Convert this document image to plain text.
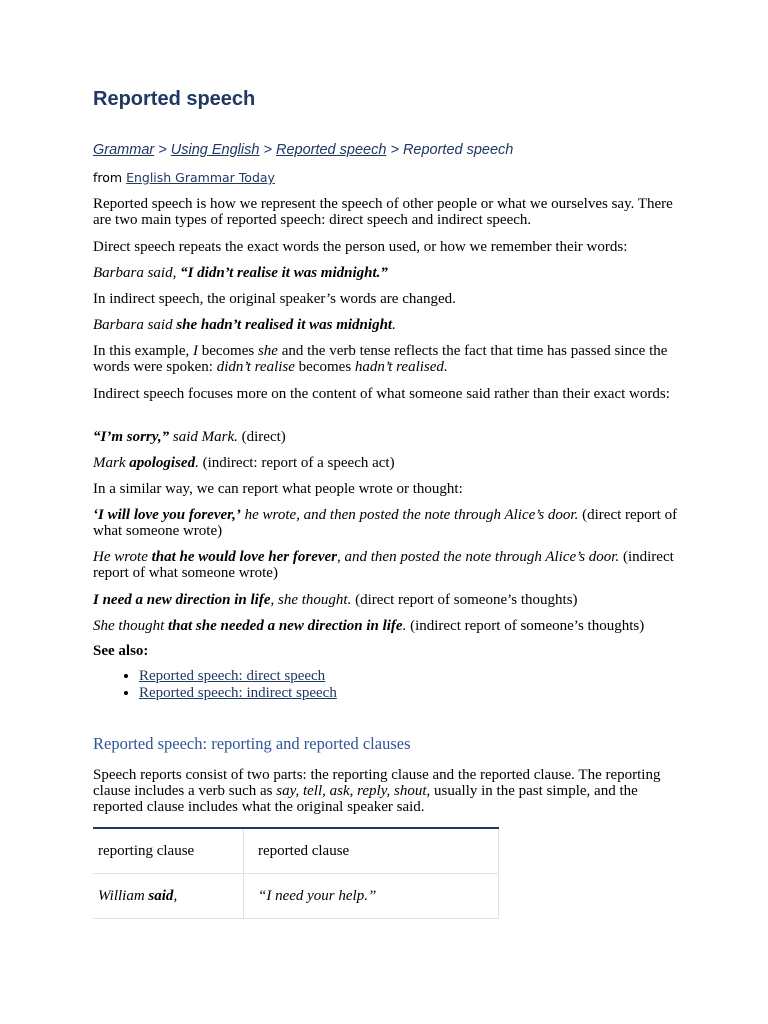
Reported speech
Grammar > Using English > Reported speech > Reported speech
from English Grammar Today

Reported speech is how we represent the speech of other people or what we ourselves say. There are two main types of reported speech: direct speech and indirect speech.

Direct speech repeats the exact words the person used, or how we remember their words:

Barbara said, “I didn’t realise it was midnight.”

In indirect speech, the original speaker’s words are changed.

Barbara said she hadn’t realised it was midnight.

In this example, I becomes she and the verb tense reflects the fact that time has passed since the words were spoken: didn’t realise becomes hadn’t realised.

Indirect speech focuses more on the content of what someone said rather than their exact words:

“I’m sorry,” said Mark. (direct)

Mark apologised. (indirect: report of a speech act)

In a similar way, we can report what people wrote or thought:

‘I will love you forever,’ he wrote, and then posted the note through Alice’s door. (direct report of what someone wrote)

He wrote that he would love her forever, and then posted the note through Alice’s door. (indirect report of what someone wrote)

I need a new direction in life, she thought. (direct report of someone’s thoughts)

She thought that she needed a new direction in life. (indirect report of someone’s thoughts)

See also:

• Reported speech: direct speech
• Reported speech: indirect speech
Reported speech: reporting and reported clauses

Speech reports consist of two parts: the reporting clause and the reported clause. The reporting clause includes a verb such as say, tell, ask, reply, shout, usually in the past simple, and the reported clause includes what the original speaker said.

reporting clause	reported clause
William said,	“I need your help.”
